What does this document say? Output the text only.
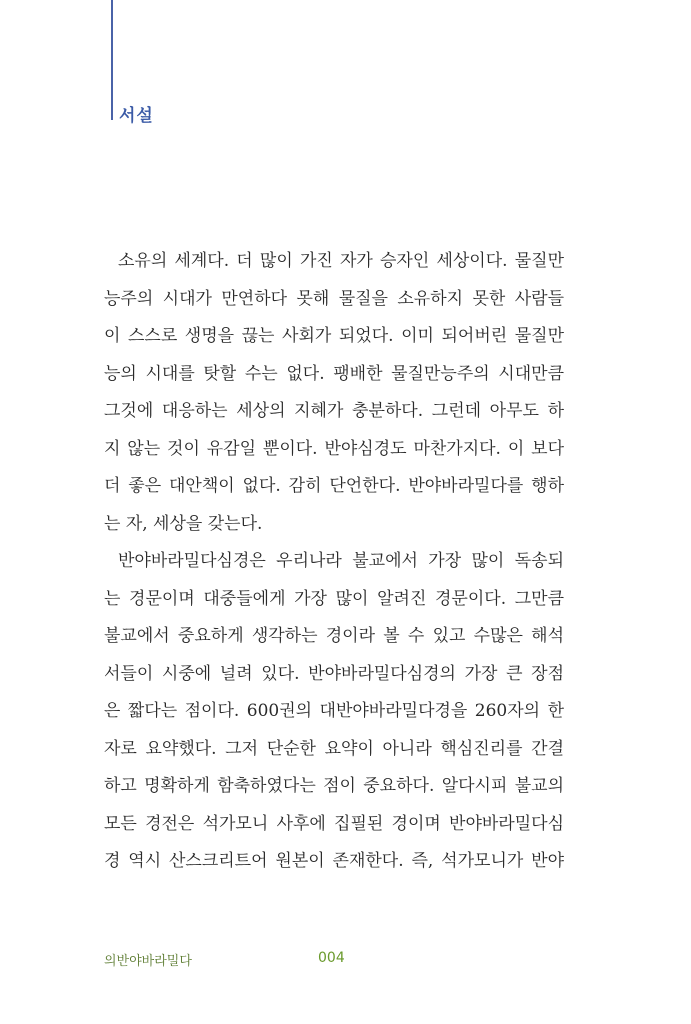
서설
소유의 세계다. 더 많이 가진 자가 승자인 세상이다. 물질만
능주의 시대가 만연하다 못해 물질을 소유하지 못한 사람들
이 스스로 생명을 끊는 사회가 되었다. 이미 되어버린 물질만
능의 시대를 탓할 수는 없다. 팽배한 물질만능주의 시대만큼
그것에 대응하는 세상의 지혜가 충분하다. 그런데 아무도 하
지 않는 것이 유감일 뿐이다. 반야심경도 마찬가지다. 이 보다
더 좋은 대안책이 없다. 감히 단언한다. 반야바라밀다를 행하
는 자, 세상을 갖는다.
반야바라밀다심경은 우리나라 불교에서 가장 많이 독송되
는 경문이며 대중들에게 가장 많이 알려진 경문이다. 그만큼
불교에서 중요하게 생각하는 경이라 볼 수 있고 수많은 해석
서들이 시중에 널려 있다. 반야바라밀다심경의 가장 큰 장점
은 짧다는 점이다. 600권의 대반야바라밀다경을 260자의 한
자로 요약했다. 그저 단순한 요약이 아니라 핵심진리를 간결
하고 명확하게 함축하였다는 점이 중요하다. 알다시피 불교의
모든 경전은 석가모니 사후에 집필된 경이며 반야바라밀다심
경 역시 산스크리트어 원본이 존재한다. 즉, 석가모니가 반야
의반야바라밀다	004
